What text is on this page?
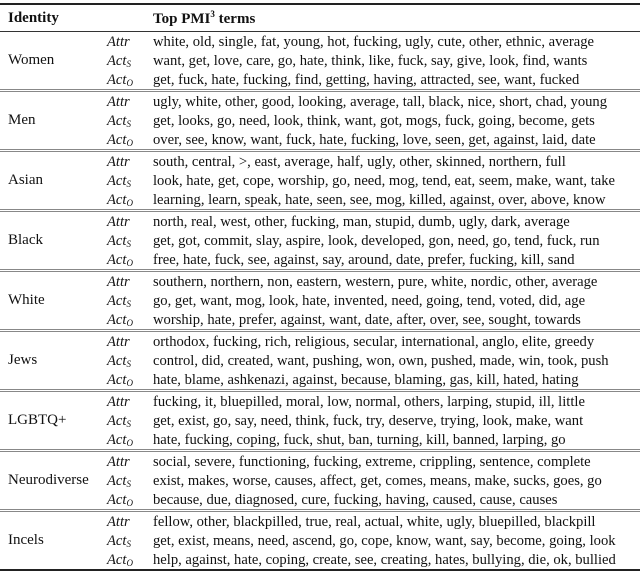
Identity	Top PMI$^3$ terms
Women
Attr white, old, single, fat, young, hot, fucking, ugly, cute, other, ethnic, average
Act$_S$ want, get, love, care, go, hate, think, like, fuck, say, give, look, find, wants
Act$_O$ get, fuck, hate, fucking, find, getting, having, attracted, see, want, fucked
Men
Attr ugly, white, other, good, looking, average, tall, black, nice, short, chad, young
Act$_S$ get, looks, go, need, look, think, want, got, mogs, fuck, going, become, gets
Act$_O$ over, see, know, want, fuck, hate, fucking, love, seen, get, against, laid, date
Asian
Attr south, central, >, east, average, half, ugly, other, skinned, northern, full
Act$_S$ look, hate, get, cope, worship, go, need, mog, tend, eat, seem, make, want, take
Act$_O$ learning, learn, speak, hate, seen, see, mog, killed, against, over, above, know
Black
Attr north, real, west, other, fucking, man, stupid, dumb, ugly, dark, average
Act$_S$ get, got, commit, slay, aspire, look, developed, gon, need, go, tend, fuck, run
Act$_O$ free, hate, fuck, see, against, say, around, date, prefer, fucking, kill, sand
White
Attr southern, northern, non, eastern, western, pure, white, nordic, other, average
Act$_S$ go, get, want, mog, look, hate, invented, need, going, tend, voted, did, age
Act$_O$ worship, hate, prefer, against, want, date, after, over, see, sought, towards
Jews
Attr orthodox, fucking, rich, religious, secular, international, anglo, elite, greedy
Act$_S$ control, did, created, want, pushing, won, own, pushed, made, win, took, push
Act$_O$ hate, blame, ashkenazi, against, because, blaming, gas, kill, hated, hating
LGBTQ+
Attr fucking, it, bluepilled, moral, low, normal, others, larping, stupid, ill, little
Act$_S$ get, exist, go, say, need, think, fuck, try, deserve, trying, look, make, want
Act$_O$ hate, fucking, coping, fuck, shut, ban, turning, kill, banned, larping, go
Neurodiverse
Attr social, severe, functioning, fucking, extreme, crippling, sentence, complete
Act$_S$ exist, makes, worse, causes, affect, get, comes, means, make, sucks, goes, go
Act$_O$ because, due, diagnosed, cure, fucking, having, caused, cause, causes
Incels
Attr fellow, other, blackpilled, true, real, actual, white, ugly, bluepilled, blackpill
Act$_S$ get, exist, means, need, ascend, go, cope, know, want, say, become, going, look
Act$_O$ help, against, hate, coping, create, see, creating, hates, bullying, die, ok, bullied
